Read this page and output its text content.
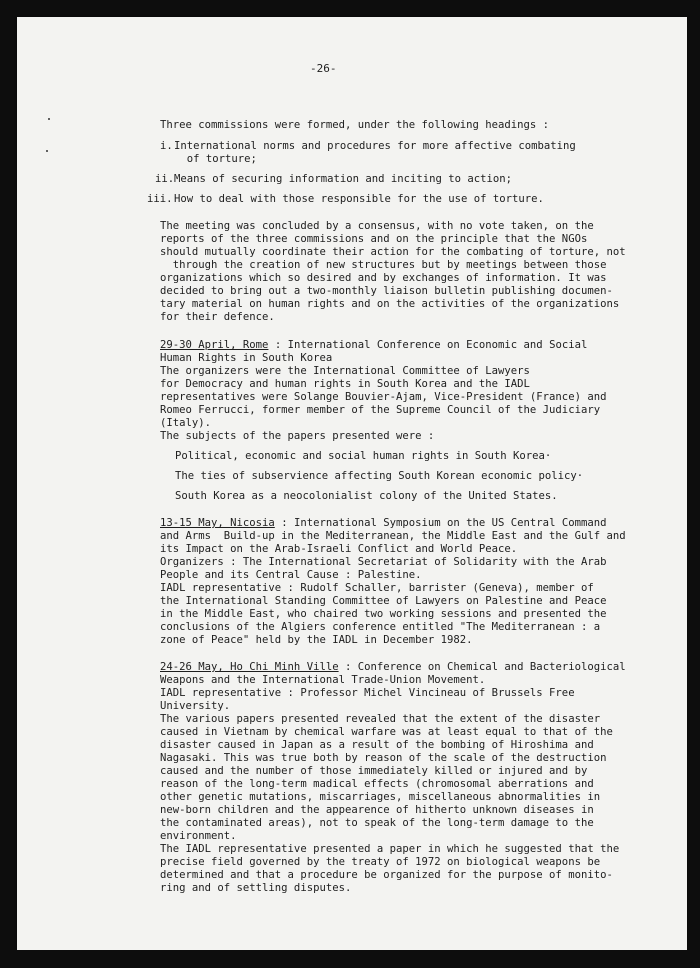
-26-
Three commissions were formed, under the following headings :
i. International norms and procedures for more affective combating
of torture;
ii. Means of securing information and inciting to action;
iii. How to deal with those responsible for the use of torture.
The meeting was concluded by a consensus, with no vote taken, on the
reports of the three commissions and on the principle that the NGOs
should mutually coordinate their action for the combating of torture, not
through the creation of new structures but by meetings between those
organizations which so desired and by exchanges of information. It was
decided to bring out a two-monthly liaison bulletin publishing documen-
tary material on human rights and on the activities of the organizations
for their defence.
29-30 April, Rome : International Conference on Economic and Social
Human Rights in South Korea
The organizers were the International Committee of Lawyers
for Democracy and human rights in South Korea and the IADL
representatives were Solange Bouvier-Ajam, Vice-President (France) and
Romeo Ferrucci, former member of the Supreme Council of the Judiciary
(Italy).
The subjects of the papers presented were :
Political, economic and social human rights in South Korea·
The ties of subservience affecting South Korean economic policy·
South Korea as a neocolonialist colony of the United States.
13-15 May, Nicosia : International Symposium on the US Central Command
and Arms  Build-up in the Mediterranean, the Middle East and the Gulf and
its Impact on the Arab-Israeli Conflict and World Peace.
Organizers : The International Secretariat of Solidarity with the Arab
People and its Central Cause : Palestine.
IADL representative : Rudolf Schaller, barrister (Geneva), member of
the International Standing Committee of Lawyers on Palestine and Peace
in the Middle East, who chaired two working sessions and presented the
conclusions of the Algiers conference entitled "The Mediterranean : a
zone of Peace" held by the IADL in December 1982.
24-26 May, Ho Chi Minh Ville : Conference on Chemical and Bacteriological
Weapons and the International Trade-Union Movement.
IADL representative : Professor Michel Vincineau of Brussels Free
University.
The various papers presented revealed that the extent of the disaster
caused in Vietnam by chemical warfare was at least equal to that of the
disaster caused in Japan as a result of the bombing of Hiroshima and
Nagasaki. This was true both by reason of the scale of the destruction
caused and the number of those immediately killed or injured and by
reason of the long-term madical effects (chromosomal aberrations and
other genetic mutations, miscarriages, miscellaneous abnormalities in
new-born children and the appearence of hitherto unknown diseases in
the contaminated areas), not to speak of the long-term damage to the
environment.
The IADL representative presented a paper in which he suggested that the
precise field governed by the treaty of 1972 on biological weapons be
determined and that a procedure be organized for the purpose of monito-
ring and of settling disputes.
